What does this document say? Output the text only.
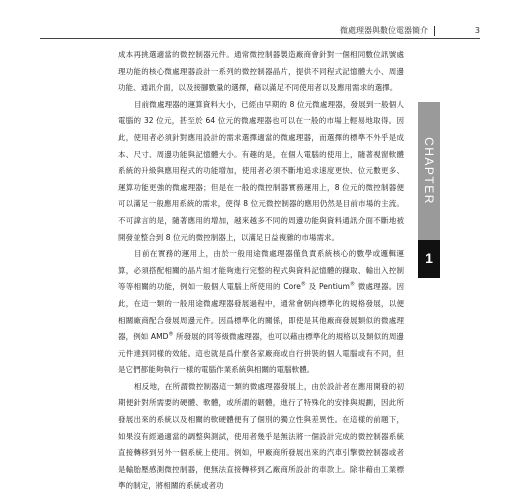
微處理器與數位電器簡介	3

成本再挑選適當的微控制器元件。通常微控制器製造廠商會針對一個相同數位訊號處理功能的核心微處理器設計一系列的微控制器晶片，提供不同程式記憶體大小、周邊功能、通訊介面，以及接腳數量的選擇，藉以滿足不同使用者以及應用需求的選擇。

目前微處理器的運算資料大小，已經由早期的 8 位元微處理器，發展到一般個人電腦的 32 位元，甚至於 64 位元的微處理器也可以在一般的市場上輕易地取得。因此，使用者必須針對應用設計的需求選擇適當的微處理器，而選擇的標準不外乎是成本、尺寸、周邊功能與記憶體大小。有趣的是，在個人電腦的使用上，隨著視窗軟體系統的升級與應用程式的功能增加，使用者必須不斷地追求速度更快、位元數更多、運算功能更強的微處理器；但是在一般的微控制器實務運用上，8 位元的微控制器便可以滿足一般應用系統的需求，使得 8 位元微控制器的應用仍然是目前市場的主流。不可諱言的是，隨著應用的增加，越來越多不同的周邊功能與資料通訊介面不斷地被開發並整合到 8 位元的微控制器上，以滿足日益複雜的市場需求。

目前在實務的運用上，由於一般用途微處理器僅負責系統核心的數學或邏輯運算，必須搭配相關的晶片組才能夠進行完整的程式與資料記憶體的擷取、輸出入控制等等相關的功能，例如一般個人電腦上所使用的 Core® 及 Pentium® 微處理器。因此，在這一類的一般用途微處理器發展過程中，通常會朝向標準化的規格發展，以便相關廠商配合發展周邊元件。因爲標準化的關係，即使是其他廠商發展類似的微處理器，例如 AMD® 所發展的同等級微處理器，也可以藉由標準化的規格以及類似的周邊元件達到同樣的效能。這也就是爲什麼各家廠商或自行拼裝的個人電腦或有不同，但是它們都能夠執行一樣的電腦作業系統與相關的電腦軟體。

相反地，在所謂微控制器這一類的微處理器發展上，由於設計者在應用開發的初期便針對所需要的硬體、軟體，或所謂的韌體，進行了特殊化的安排與規劃，因此所發展出來的系統以及相關的軟硬體便有了個別的獨立性與差異性。在這樣的前題下，如果沒有經過適當的調整與測試，使用者幾乎是無法將一個設計完成的微控制器系統直接轉移到另外一個系統上使用。例如，甲廠商所發展出來的汽車引擎微控制器或者是輸胎壓感測微控制器，便無法直接轉移到乙廠商所設計的車款上。除非藉由工業標準的制定，將相關的系統或者功

CHAPTER
1
